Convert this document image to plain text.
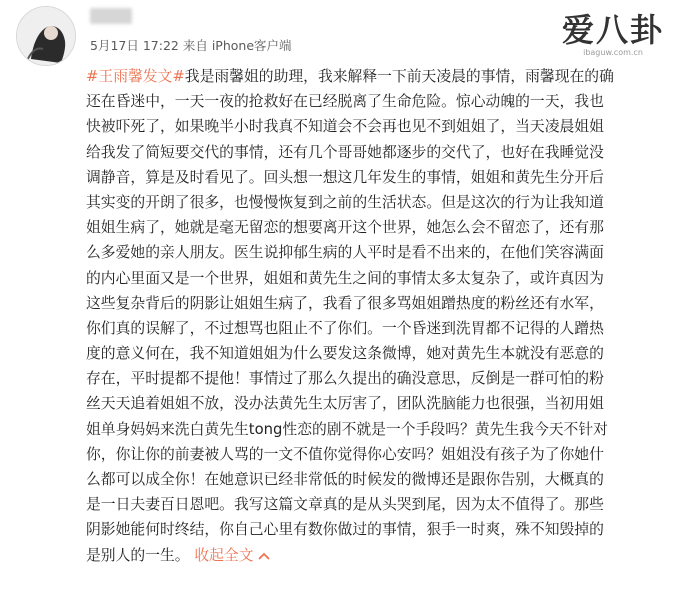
5月17日 17:22 来自 iPhone客户端	爱八卦
ibaguw.com.cn
#王雨馨发文#我是雨馨姐的助理，我来解释一下前天凌晨的事情，雨馨现在的确
还在昏迷中，一天一夜的抢救好在已经脱离了生命危险。惊心动魄的一天，我也
快被吓死了，如果晚半小时我真不知道会不会再也见不到姐姐了，当天凌晨姐姐
给我发了简短要交代的事情，还有几个哥哥她都逐步的交代了，也好在我睡觉没
调静音，算是及时看见了。回头想一想这几年发生的事情，姐姐和黄先生分开后
其实变的开朗了很多，也慢慢恢复到之前的生活状态。但是这次的行为让我知道
姐姐生病了，她就是毫无留恋的想要离开这个世界，她怎么会不留恋了，还有那
么多爱她的亲人朋友。医生说抑郁生病的人平时是看不出来的，在他们笑容满面
的内心里面又是一个世界，姐姐和黄先生之间的事情太多太复杂了，或许真因为
这些复杂背后的阴影让姐姐生病了，我看了很多骂姐姐蹭热度的粉丝还有水军，
你们真的误解了，不过想骂也阻止不了你们。一个昏迷到洗胃都不记得的人蹭热
度的意义何在，我不知道姐姐为什么要发这条微博，她对黄先生本就没有恶意的
存在，平时提都不提他！事情过了那么久提出的确没意思，反倒是一群可怕的粉
丝天天追着姐姐不放，没办法黄先生太厉害了，团队洗脑能力也很强，当初用姐
姐单身妈妈来洗白黄先生tong性恋的剧不就是一个手段吗？黄先生我今天不针对
你，你让你的前妻被人骂的一文不值你觉得你心安吗？姐姐没有孩子为了你她什
么都可以成全你！在她意识已经非常低的时候发的微博还是跟你告别，大概真的
是一日夫妻百日恩吧。我写这篇文章真的是从头哭到尾，因为太不值得了。那些
阴影她能何时终结，你自己心里有数你做过的事情，狠手一时爽，殊不知毁掉的
是别人的一生。 收起全文
